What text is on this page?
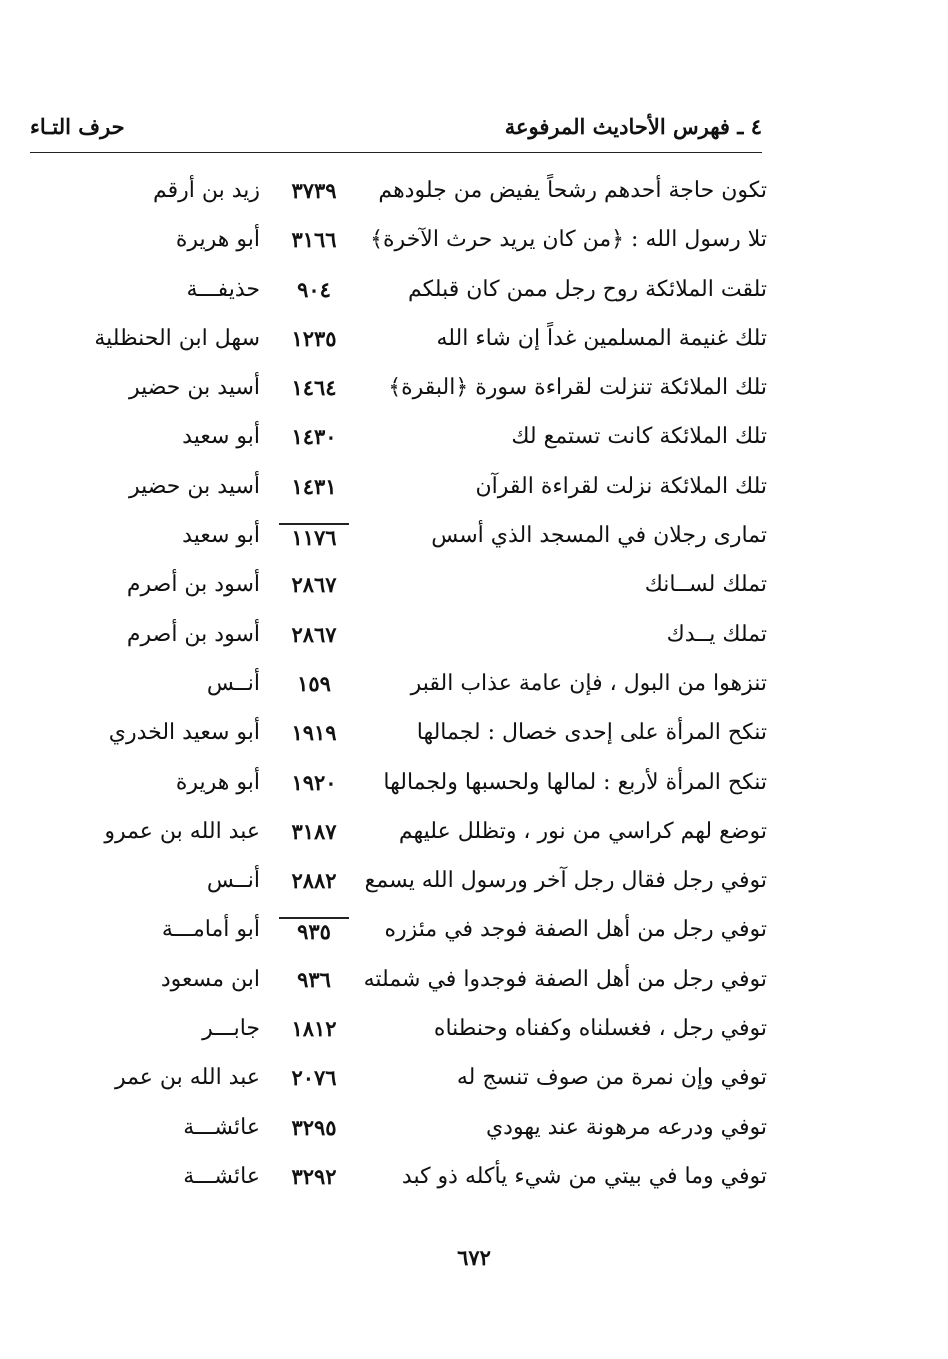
٤ ـ فهرس الأحاديث المرفوعة
حرف التـاء
تكون حاجة أحدهم رشحاً يفيض من جلودهم
٣٧٣٩
زيد بن أرقم
تلا رسول الله : ﴿من كان يريد حرث الآخرة﴾
٣١٦٦
أبو هريرة
تلقت الملائكة روح رجل ممن كان قبلكم
٩٠٤
حذيفـــة
تلك غنيمة المسلمين غداً إن شاء الله
١٢٣٥
سهل ابن الحنظلية
تلك الملائكة تنزلت لقراءة سورة ﴿البقرة﴾
١٤٦٤
أسيد بن حضير
تلك الملائكة كانت تستمع لك
١٤٣٠
أبو سعيد
تلك الملائكة نزلت لقراءة القرآن
١٤٣١
أسيد بن حضير
تمارى رجلان في المسجد الذي أسس
١١٧٦
أبو سعيد
تملك لســانك
٢٨٦٧
أسود بن أصرم
تملك يــدك
٢٨٦٧
أسود بن أصرم
تنزهوا من البول ، فإن عامة عذاب القبر
١٥٩
أنــس
تنكح المرأة على إحدى خصال : لجمالها
١٩١٩
أبو سعيد الخدري
تنكح المرأة لأربع : لمالها ولحسبها ولجمالها
١٩٢٠
أبو هريرة
توضع لهم كراسي من نور ، وتظلل عليهم
٣١٨٧
عبد الله بن عمرو
توفي رجل فقال رجل آخر ورسول الله يسمع
٢٨٨٢
أنــس
توفي رجل من أهل الصفة فوجد في مئزره
٩٣٥
أبو أمامـــة
توفي رجل من أهل الصفة فوجدوا في شملته
٩٣٦
ابن مسعود
توفي رجل ، فغسلناه وكفناه وحنطناه
١٨١٢
جابـــر
توفي وإن نمرة من صوف تنسج له
٢٠٧٦
عبد الله بن عمر
توفي ودرعه مرهونة عند يهودي
٣٢٩٥
عائشـــة
توفي وما في بيتي من شيء يأكله ذو كبد
٣٢٩٢
عائشـــة
٦٧٢
